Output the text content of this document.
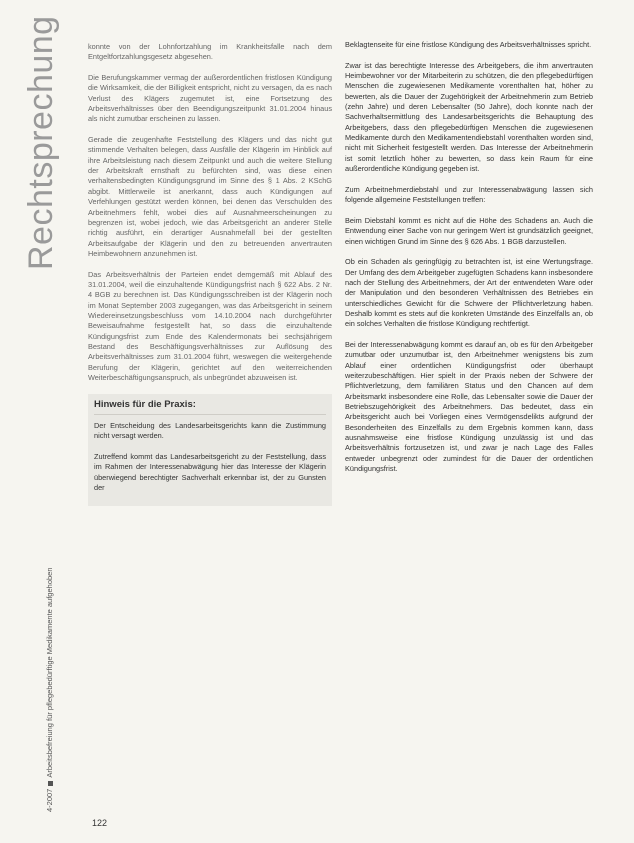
Rechtsprechung
4-2007Arbeitsbefreiung für pflegebedürftige Medikamente aufgehoben

konnte von der Lohnfortzahlung im Krankheitsfalle nach dem Entgeltfortzahlungsgesetz abgesehen.

Die Berufungskammer vermag der außerordentlichen fristlosen Kündigung die Wirksamkeit, die der Billigkeit entspricht, nicht zu versagen, da es nach Verlust des Klägers zugemutet ist, eine Fortsetzung des Arbeitsverhältnisses über den Beendigungszeitpunkt 31.01.2004 hinaus als nicht zumutbar erscheinen zu lassen.

Gerade die zeugenhafte Feststellung des Klägers und das nicht gut stimmende Verhalten belegen, dass Ausfälle der Klägerin im Hinblick auf ihre Arbeitsleistung nach diesem Zeitpunkt und auch die weitere Stellung der Arbeitskraft ernsthaft zu befürchten sind, was diese einen verhaltensbedingten Kündigungsgrund im Sinne des § 1 Abs. 2 KSchG abgibt. Mittlerweile ist anerkannt, dass auch Kündigungen auf Verfehlungen gestützt werden können, bei denen das Verschulden des Arbeitnehmers fehlt, wobei dies auf Ausnahmeerscheinungen zu begrenzen ist, wobei jedoch, wie das Arbeitsgericht an anderer Stelle richtig ausführt, ein derartiger Ausnahmefall bei der gestellten Arbeitsaufgabe der Klägerin und den zu betreuenden anvertrauten Heimbewohnern anzunehmen ist.

Das Arbeitsverhältnis der Parteien endet demgemäß mit Ablauf des 31.01.2004, weil die einzuhaltende Kündigungsfrist nach § 622 Abs. 2 Nr. 4 BGB zu berechnen ist. Das Kündigungsschreiben ist der Klägerin noch im Monat September 2003 zugegangen, was das Arbeitsgericht in seinem Wiedereinsetzungsbeschluss vom 14.10.2004 nach durchgeführter Beweisaufnahme festgestellt hat, so dass die einzuhaltende Kündigungsfrist zum Ende des Kalendermonats bei sechsjährigem Bestand des Beschäftigungsverhältnisses zur Auflösung des Arbeitsverhältnisses zum 31.01.2004 führt, weswegen die weitergehende Berufung der Klägerin, gerichtet auf den weiterreichenden Weiterbeschäftigungsanspruch, als unbegründet abzuweisen ist.

Hinweis für die Praxis:

Der Entscheidung des Landesarbeitsgerichts kann die Zustimmung nicht versagt werden.

Zutreffend kommt das Landesarbeitsgericht zu der Feststellung, dass im Rahmen der Interessenabwägung hier das Interesse der Klägerin überwiegend berechtigter Sachverhalt erkennbar ist, der zu Gunsten der

Beklagtenseite für eine fristlose Kündigung des Arbeitsverhältnisses spricht.

Zwar ist das berechtigte Interesse des Arbeitgebers, die ihm anvertrauten Heimbewohner vor der Mitarbeiterin zu schützen, die den pflegebedürftigen Menschen die zugewiesenen Medikamente vorenthalten hat, höher zu bewerten, als die Dauer der Zugehörigkeit der Arbeitnehmerin zum Betrieb (zehn Jahre) und deren Lebensalter (50 Jahre), doch konnte nach der Sachverhaltsermittlung des Landesarbeitsgerichts die Behauptung des Arbeitgebers, dass den pflegebedürftigen Menschen die zugewiesenen Medikamente durch den Medikamentendiebstahl vorenthalten worden sind, nicht mit Sicherheit festgestellt werden. Das Interesse der Arbeitnehmerin ist somit letztlich höher zu bewerten, so dass kein Raum für eine außerordentliche Kündigung gegeben ist.

Zum Arbeitnehmerdiebstahl und zur Interessenabwägung lassen sich folgende allgemeine Feststellungen treffen:

Beim Diebstahl kommt es nicht auf die Höhe des Schadens an. Auch die Entwendung einer Sache von nur geringem Wert ist grundsätzlich geeignet, einen wichtigen Grund im Sinne des § 626 Abs. 1 BGB darzustellen.

Ob ein Schaden als geringfügig zu betrachten ist, ist eine Wertungsfrage. Der Umfang des dem Arbeitgeber zugefügten Schadens kann insbesondere nach der Stellung des Arbeitnehmers, der Art der entwendeten Ware oder der Manipulation und den besonderen Verhältnissen des Betriebes ein unterschiedliches Gewicht für die Schwere der Pflichtverletzung haben. Deshalb kommt es stets auf die konkreten Umstände des Einzelfalls an, ob ein solches Verhalten die fristlose Kündigung rechtfertigt.

Bei der Interessenabwägung kommt es darauf an, ob es für den Arbeitgeber zumutbar oder unzumutbar ist, den Arbeitnehmer wenigstens bis zum Ablauf einer ordentlichen Kündigungsfrist oder überhaupt weiterzubeschäftigen. Hier spielt in der Praxis neben der Schwere der Pflichtverletzung, dem familiären Status und den Chancen auf dem Arbeitsmarkt insbesondere eine Rolle, das Lebensalter sowie die Dauer der Betriebszugehörigkeit des Arbeitnehmers. Das bedeutet, dass ein Arbeitsgericht auch bei Vorliegen eines Vermögensdelikts aufgrund der Besonderheiten des Einzelfalls zu dem Ergebnis kommen kann, dass ausnahmsweise eine fristlose Kündigung unzulässig ist und das Arbeitsverhältnis fortzusetzen ist, und zwar je nach Lage des Falles entweder unbegrenzt oder zumindest für die Dauer der ordentlichen Kündigungsfrist.

122
